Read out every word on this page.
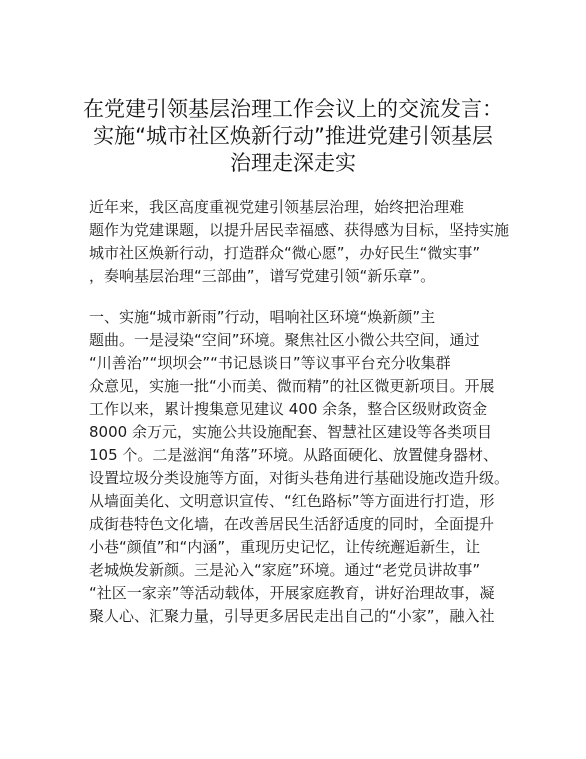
在党建引领基层治理工作会议上的交流发言：
实施“城市社区焕新行动”推进党建引领基层
治理走深走实
近年来，我区高度重视党建引领基层治理，始终把治理难
题作为党建课题，以提升居民幸福感、获得感为目标，坚持实施
城市社区焕新行动，打造群众“微心愿”，办好民生“微实事”
，奏响基层治理“三部曲”，谱写党建引领“新乐章”。
一、实施“城市新雨”行动，唱响社区环境“焕新颜”主
题曲。一是浸染“空间”环境。聚焦社区小微公共空间，通过
“川善治”“坝坝会”“书记恳谈日”等议事平台充分收集群
众意见，实施一批“小而美、微而精”的社区微更新项目。开展
工作以来，累计搜集意见建议 400 余条，整合区级财政资金
8000 余万元，实施公共设施配套、智慧社区建设等各类项目
105 个。二是滋润“角落”环境。从路面硬化、放置健身器材、
设置垃圾分类设施等方面，对街头巷角进行基础设施改造升级。
从墙面美化、文明意识宣传、“红色路标”等方面进行打造，形
成街巷特色文化墙，在改善居民生活舒适度的同时，全面提升
小巷“颜值”和“内涵”，重现历史记忆，让传统邂逅新生，让
老城焕发新颜。三是沁入“家庭”环境。通过“老党员讲故事”
“社区一家亲”等活动载体，开展家庭教育，讲好治理故事，凝
聚人心、汇聚力量，引导更多居民走出自己的“小家”，融入社
